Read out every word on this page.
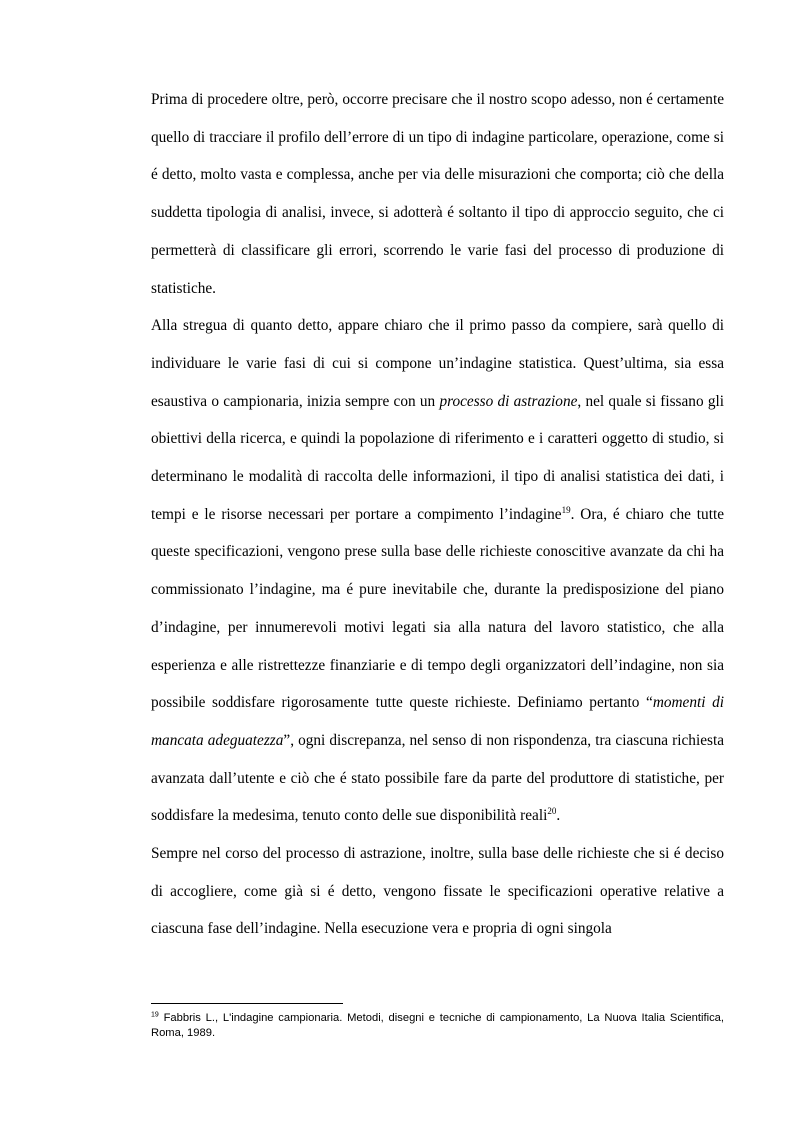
Prima di procedere oltre, però, occorre precisare che il nostro scopo adesso, non é certamente quello di tracciare il profilo dell’errore di un tipo di indagine particolare, operazione, come si é detto, molto vasta e complessa, anche per via delle misurazioni che comporta; ciò che della suddetta tipologia di analisi, invece, si adotterà é soltanto il tipo di approccio seguito, che ci permetterà di classificare gli errori, scorrendo le varie fasi del processo di produzione di statistiche.

Alla stregua di quanto detto, appare chiaro che il primo passo da compiere, sarà quello di individuare le varie fasi di cui si compone un’indagine statistica. Quest’ultima, sia essa esaustiva o campionaria, inizia sempre con un processo di astrazione, nel quale si fissano gli obiettivi della ricerca, e quindi la popolazione di riferimento e i caratteri oggetto di studio, si determinano le modalità di raccolta delle informazioni, il tipo di analisi statistica dei dati, i tempi e le risorse necessari per portare a compimento l’indagine$^{19}$. Ora, é chiaro che tutte queste specificazioni, vengono prese sulla base delle richieste conoscitive avanzate da chi ha commissionato l’indagine, ma é pure inevitabile che, durante la predisposizione del piano d’indagine, per innumerevoli motivi legati sia alla natura del lavoro statistico, che alla esperienza e alle ristrettezze finanziarie e di tempo degli organizzatori dell’indagine, non sia possibile soddisfare rigorosamente tutte queste richieste. Definiamo pertanto “momenti di mancata adeguatezza”, ogni discrepanza, nel senso di non rispondenza, tra ciascuna richiesta avanzata dall’utente e ciò che é stato possibile fare da parte del produttore di statistiche, per soddisfare la medesima, tenuto conto delle sue disponibilità reali$^{20}$.

Sempre nel corso del processo di astrazione, inoltre, sulla base delle richieste che si é deciso di accogliere, come già si é detto, vengono fissate le specificazioni operative relative a ciascuna fase dell’indagine. Nella esecuzione vera e propria di ogni singola

$^{19}$ Fabbris L., L'indagine campionaria. Metodi, disegni e tecniche di campionamento, La Nuova Italia Scientifica, Roma, 1989.
